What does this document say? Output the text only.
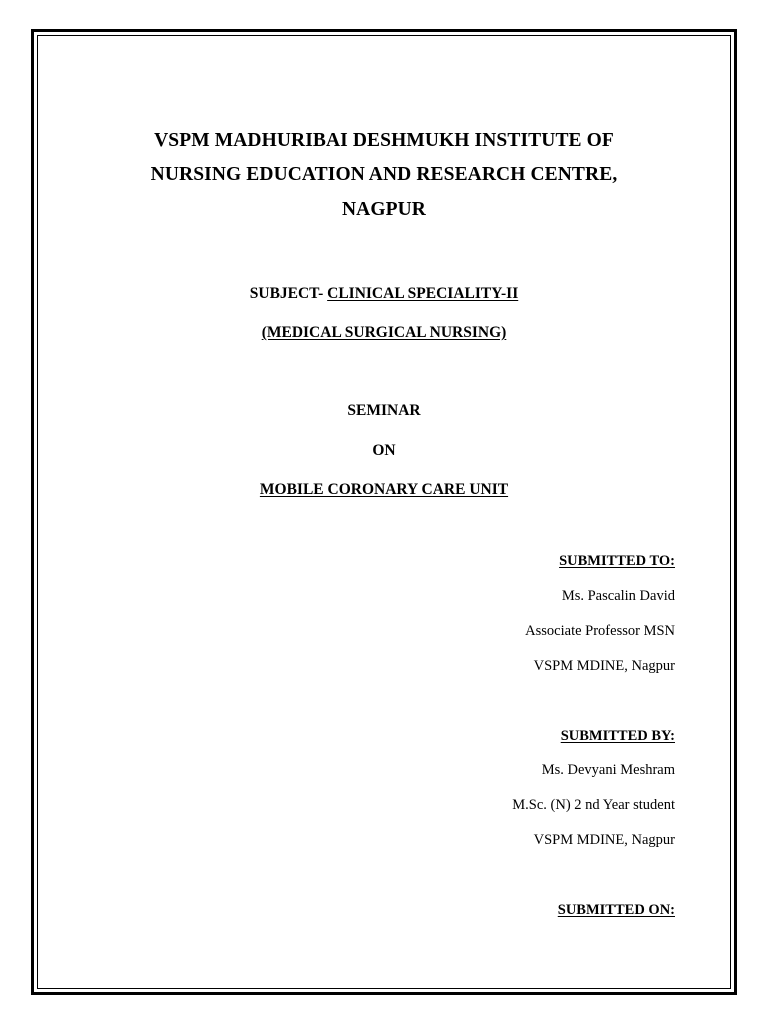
VSPM MADHURIBAI DESHMUKH INSTITUTE OF
NURSING EDUCATION AND RESEARCH CENTRE,
NAGPUR
SUBJECT- CLINICAL SPECIALITY-II
(MEDICAL SURGICAL NURSING)
SEMINAR
ON
MOBILE CORONARY CARE UNIT
SUBMITTED TO:
Ms. Pascalin David
Associate Professor MSN
VSPM MDINE, Nagpur
SUBMITTED BY:
Ms. Devyani Meshram
M.Sc. (N) 2 nd Year student
VSPM MDINE, Nagpur
SUBMITTED ON:
